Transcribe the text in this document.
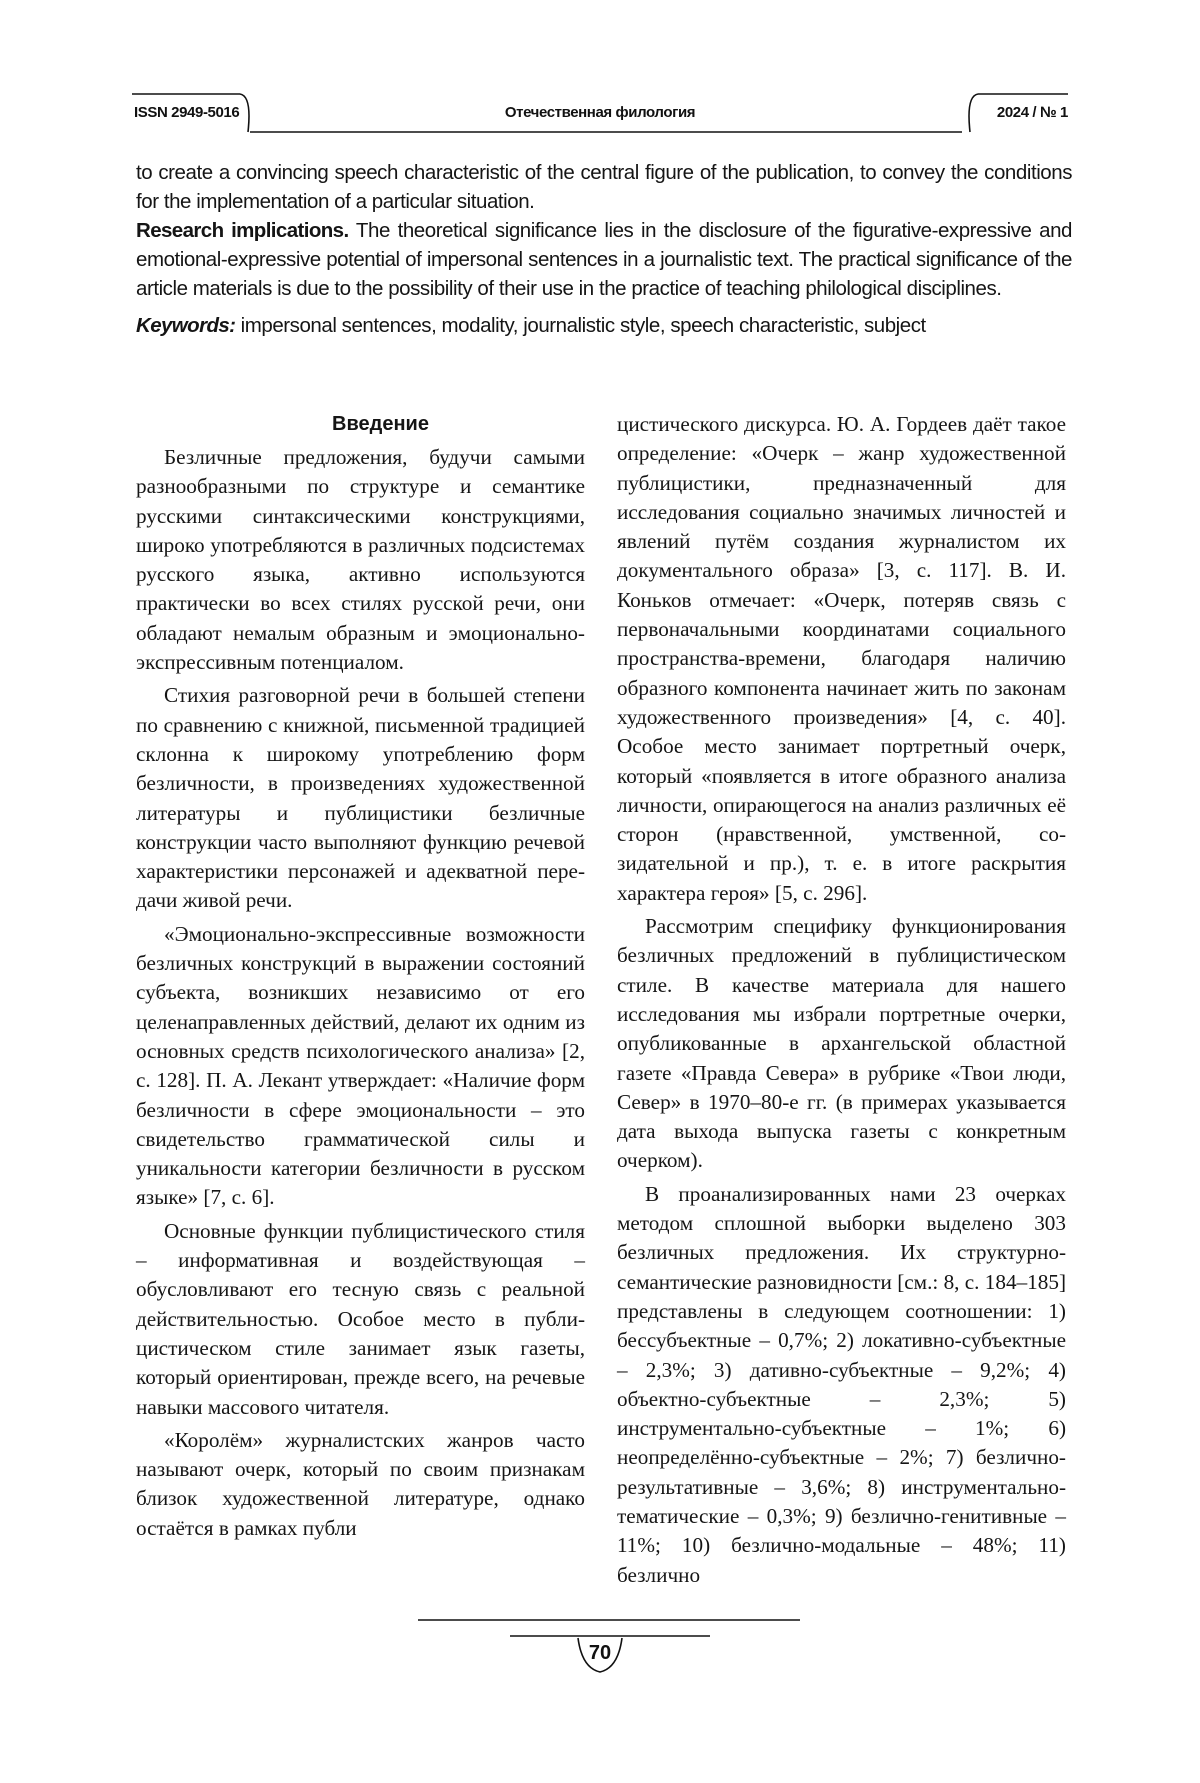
ISSN 2949-5016	Отечественная филология	2024 / № 1

to create a convincing speech characteristic of the central figure of the publication, to convey the conditions for the implementation of a particular situation.

Research implications. The theoretical significance lies in the disclosure of the figurative-expressive and emotional-expressive potential of impersonal sentences in a journalistic text. The practical significance of the article materials is due to the possibility of their use in the practice of teaching philological disciplines.

Keywords: impersonal sentences, modality, journalistic style, speech characteristic, subject

Введение

Безличные предложения, будучи самыми разнообразными по структуре и семантике русскими синтаксическими конструкциями, широко употребляются в различных подсистемах русского языка, активно используются практически во всех стилях русской речи, они обладают немалым образным и эмоционально-экспрессивным потенциалом.

Стихия разговорной речи в большей степени по сравнению с книжной, письменной традицией склонна к широкому употреблению форм безличности, в произведениях художественной литературы и публицистики безличные конструкции часто выполняют функцию речевой характеристики персонажей и адекватной передачи живой речи.

«Эмоционально-экспрессивные возможности безличных конструкций в выражении состояний субъекта, возникших независимо от его целенаправленных действий, делают их одним из основных средств психологического анализа» [2, с. 128]. П. А. Лекант утверждает: «Наличие форм безличности в сфере эмоциональности – это свидетельство грамматической силы и уникальности категории безличности в русском языке» [7, с. 6].

Основные функции публицистического стиля – информативная и воздействующая – обусловливают его тесную связь с реальной действительностью. Особое место в публицистическом стиле занимает язык газеты, который ориентирован, прежде всего, на речевые навыки массового читателя.

«Королём» журналистских жанров часто называют очерк, который по своим признакам близок художественной литературе, однако остаётся в рамках публи

цистического дискурса. Ю. А. Гордеев даёт такое определение: «Очерк – жанр художественной публицистики, предназначенный для исследования социально значимых личностей и явлений путём создания журналистом их документального образа» [3, с. 117]. В. И. Коньков отмечает: «Очерк, потеряв связь с первоначальными координатами социального пространства-времени, благодаря наличию образного компонента начинает жить по законам художественного произведения» [4, с. 40]. Особое место занимает портретный очерк, который «появляется в итоге образного анализа личности, опирающегося на анализ различных её сторон (нравственной, умственной, созидательной и пр.), т. е. в итоге раскрытия характера героя» [5, с. 296].

Рассмотрим специфику функционирования безличных предложений в публицистическом стиле. В качестве материала для нашего исследования мы избрали портретные очерки, опубликованные в архангельской областной газете «Правда Севера» в рубрике «Твои люди, Север» в 1970–80-е гг. (в примерах указывается дата выхода выпуска газеты с конкретным очерком).

В проанализированных нами 23 очерках методом сплошной выборки выделено 303 безличных предложения. Их структурно-семантические разновидности [см.: 8, с. 184–185] представлены в следующем соотношении: 1) бессубъектные – 0,7%; 2) локативно-субъектные – 2,3%; 3) дативно-субъектные – 9,2%; 4) объектно-субъектные – 2,3%; 5) инструментально-субъектные – 1%; 6) неопределённо-субъектные – 2%; 7) безлично-результативные – 3,6%; 8) инструментально-тематические – 0,3%; 9) безлично-генитивные – 11%; 10) безлично-модальные – 48%; 11) безлично

70
